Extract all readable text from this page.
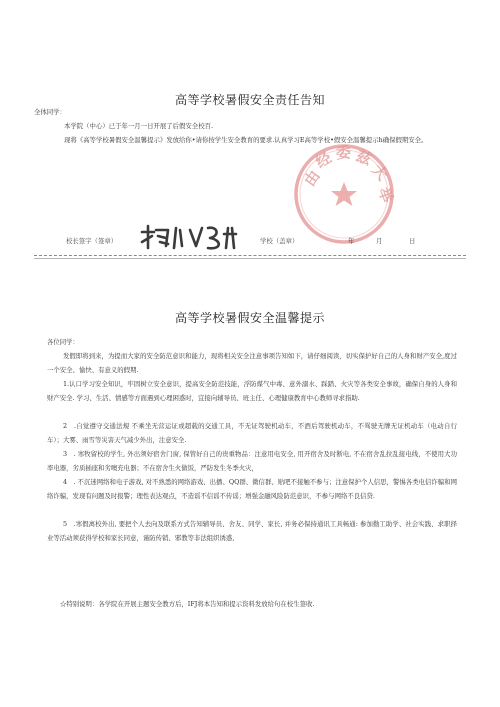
高等学校暑假安全责任告知
全体同学：
本学院（中心）已于年一月一日开展了后假安全校百.
现将《高等学校暑假安全温馨提示》发放给你•请你按学生安全教育的要求.认真学习E高等学校•假安全温馨提示h确保假期安全。
由
经 委 兹
大
举
校长签字（签章）	学校（盖章）	年	月	日
高等学校暑假安全温馨提示
各位同学：
发假即将到来，为提而大家的安全防范意识和能力，现将相关安全注意事项告知如下，请仔细阅读，切实保护好自己的人身和财产安全,度过一个安全、愉快、有意义的假期.
1.认口学习安全知识，牢固树立安全意识，提高安全防范技能，浮防煤气中毒、意外溺水、踩踏、火灾等各类安全事故，确保自身的人身和财产安全. 学习、生活、情感等方面遇到心理困惑时，宜接向辅导员、班主任、心理健康教育中心教师寻求指助.
2　.自觉遵守交通法規 不乘坐无营运证或超载的交通工具，不无证驾驶机动车，不酒后驾驶机动车，不骂驶无牌无证机动车（电动自行车）；大雾、雨雪等災害天气减少外出，注意安全.
3　. 寒牧留校的学生, 外出须好宿舍门窗, 保管好自己的贵重物品：注意用电安全, 用开宿舍及时断电, 不在宿舍乱拉乱接电线，不使用大功率电器，劣质插座和劣噢充电器；不在宿舍生火做饭，严防发生冬季火灾，
4　. 不沉迷网络和电子游戏, 对不熟悉的网络游戏、出播、QQ群、微信群、贴吧不接触不参与；注意保护个人信思，警惕各类电信诈骗和网络诈骗，发现有问题及时报警；理性表达观点，不造谣不信谣不传谣；增强金融风险防范意识，不参与网络不良信贷.
5　.寒假离校外出, 要把个人去向及联系方式告知辅导员、舍友、同学、家长, 并务必保持通讯工具畅通: 参加勤工助学、社会实践、求职择业等活动须获得学校和家长同意，谨防传销、邪教等非法组织诱惑,
☆特别说明：各学院在开展主题安全教方后，IFJ将本告知和提示资料发放给句在校生签收.
